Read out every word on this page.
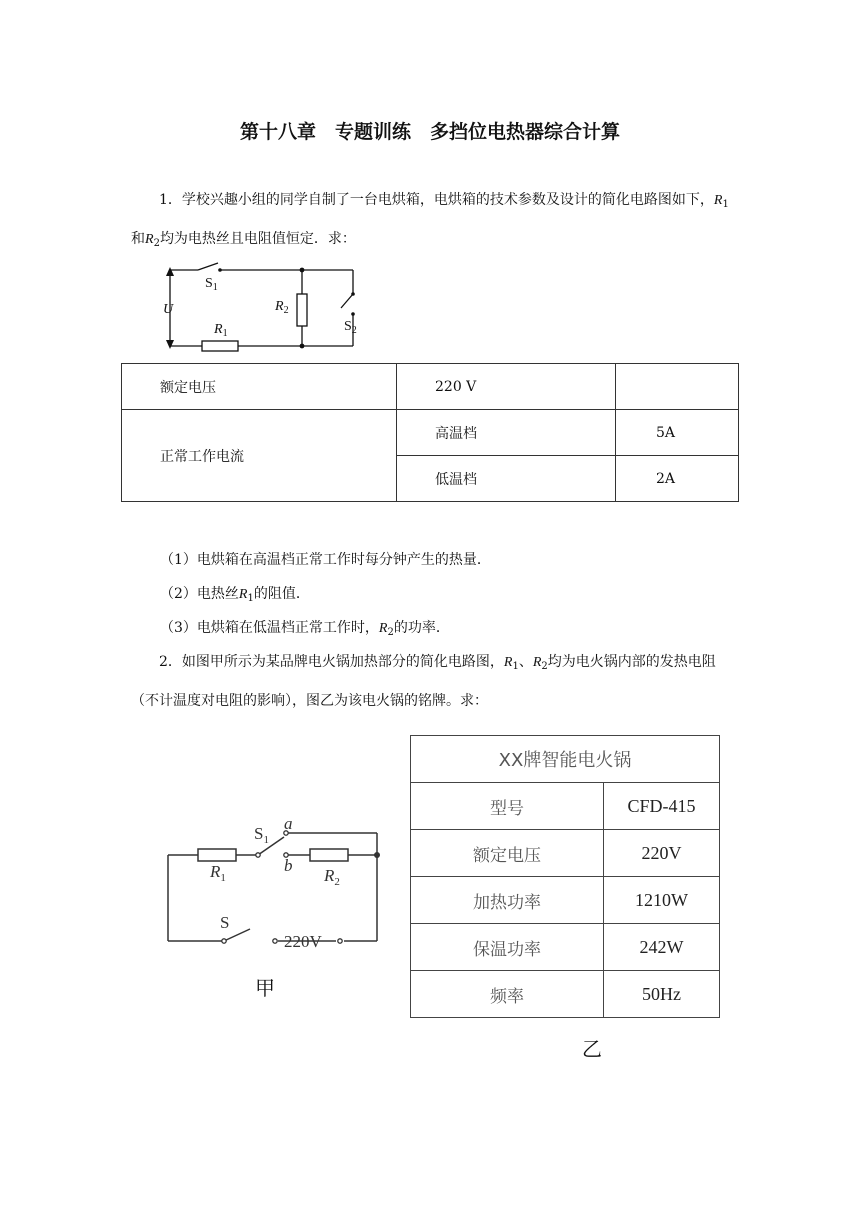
第十八章　专题训练　多挡位电热器综合计算
1．学校兴趣小组的同学自制了一台电烘箱，电烘箱的技术参数及设计的简化电路图如下，$R_1$和$R_2$均为电热丝且电阻值恒定．求：
$S_1$
U
$R_1$
$R_2$
$S_2$
额定电压	220 V	
正常工作电流	高温档	5A
	低温档	2A
（1）电烘箱在高温档正常工作时每分钟产生的热量．
（2）电热丝$R_1$的阻值．
（3）电烘箱在低温档正常工作时，$R_2$的功率．
2．如图甲所示为某品牌电火锅加热部分的简化电路图，$R_1$、$R_2$均为电火锅内部的发热电阻（不计温度对电阻的影响），图乙为该电火锅的铭牌。求：
$S_1$
a
b
$R_1$	$R_2$
S
220V
甲
XX牌智能电火锅	
型号	CFD-415
额定电压	220V
加热功率	1210W
保温功率	242W
频率	50Hz
乙
